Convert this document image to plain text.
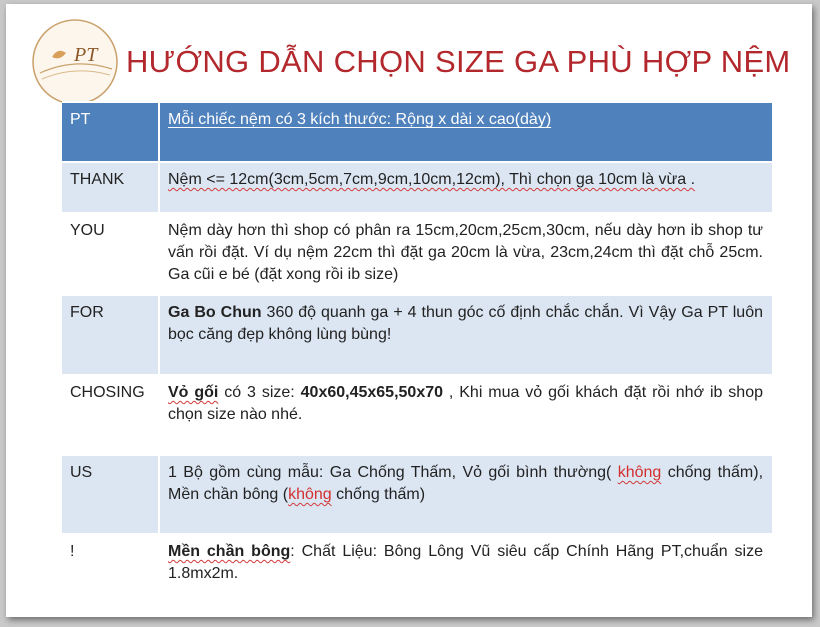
PT HƯỚNG DẪN CHỌN SIZE GA PHÙ HỢP NỆM
PT	Mỗi chiếc nệm có 3 kích thước: Rộng x dài x cao(dày)
THANK	Nệm <= 12cm(3cm,5cm,7cm,9cm,10cm,12cm), Thì chọn ga 10cm là vừa .
YOU	Nệm dày hơn thì shop có phân ra 15cm,20cm,25cm,30cm, nếu dày hơn ib shop tư vấn rồi đặt. Ví dụ nệm 22cm thì đặt ga 20cm là vừa, 23cm,24cm thì đặt chỗ 25cm. Ga cũi e bé (đặt xong rồi ib size)
FOR	Ga Bo Chun 360 độ quanh ga + 4 thun góc cố định chắc chắn. Vì Vậy Ga PT luôn bọc căng đẹp không lùng bùng!
CHOSING	Vỏ gối có 3 size: 40x60,45x65,50x70 , Khi mua vỏ gối khách đặt rồi nhớ ib shop chọn size nào nhé.
US	1 Bộ gồm cùng mẫu: Ga Chống Thấm, Vỏ gối bình thường( không chống thấm), Mền chần bông (không chống thấm)
!	Mền chần bông: Chất Liệu: Bông Lông Vũ siêu cấp Chính Hãng PT,chuẩn size 1.8mx2m.
